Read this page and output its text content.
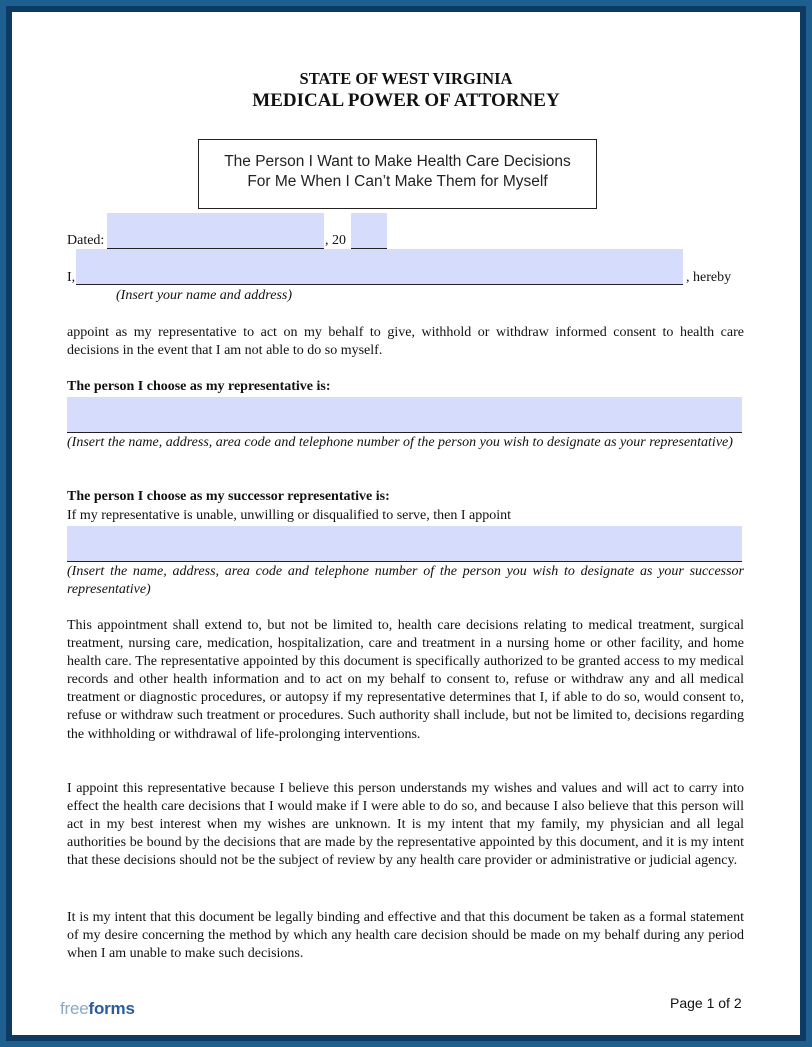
STATE OF WEST VIRGINIA
MEDICAL POWER OF ATTORNEY
The Person I Want to Make Health Care Decisions
For Me When I Can’t Make Them for Myself
Dated:	, 20
I,	, hereby
(Insert your name and address)
appoint as my representative to act on my behalf to give, withhold or withdraw informed consent to health care decisions in the event that I am not able to do so myself.
The person I choose as my representative is:
(Insert the name, address, area code and telephone number of the person you wish to designate as your representative)
The person I choose as my successor representative is:
If my representative is unable, unwilling or disqualified to serve, then I appoint
(Insert the name, address, area code and telephone number of the person you wish to designate as your successor representative)
This appointment shall extend to, but not be limited to, health care decisions relating to medical treatment, surgical treatment, nursing care, medication, hospitalization, care and treatment in a nursing home or other facility, and home health care. The representative appointed by this document is specifically authorized to be granted access to my medical records and other health information and to act on my behalf to consent to, refuse or withdraw any and all medical treatment or diagnostic procedures, or autopsy if my representative determines that I, if able to do so, would consent to, refuse or withdraw such treatment or procedures. Such authority shall include, but not be limited to, decisions regarding the withholding or withdrawal of life-prolonging interventions.
I appoint this representative because I believe this person understands my wishes and values and will act to carry into effect the health care decisions that I would make if I were able to do so, and because I also believe that this person will act in my best interest when my wishes are unknown. It is my intent that my family, my physician and all legal authorities be bound by the decisions that are made by the representative appointed by this document, and it is my intent that these decisions should not be the subject of review by any health care provider or administrative or judicial agency.
It is my intent that this document be legally binding and effective and that this document be taken as a formal statement of my desire concerning the method by which any health care decision should be made on my behalf during any period when I am unable to make such decisions.
freeforms	Page 1 of 2
